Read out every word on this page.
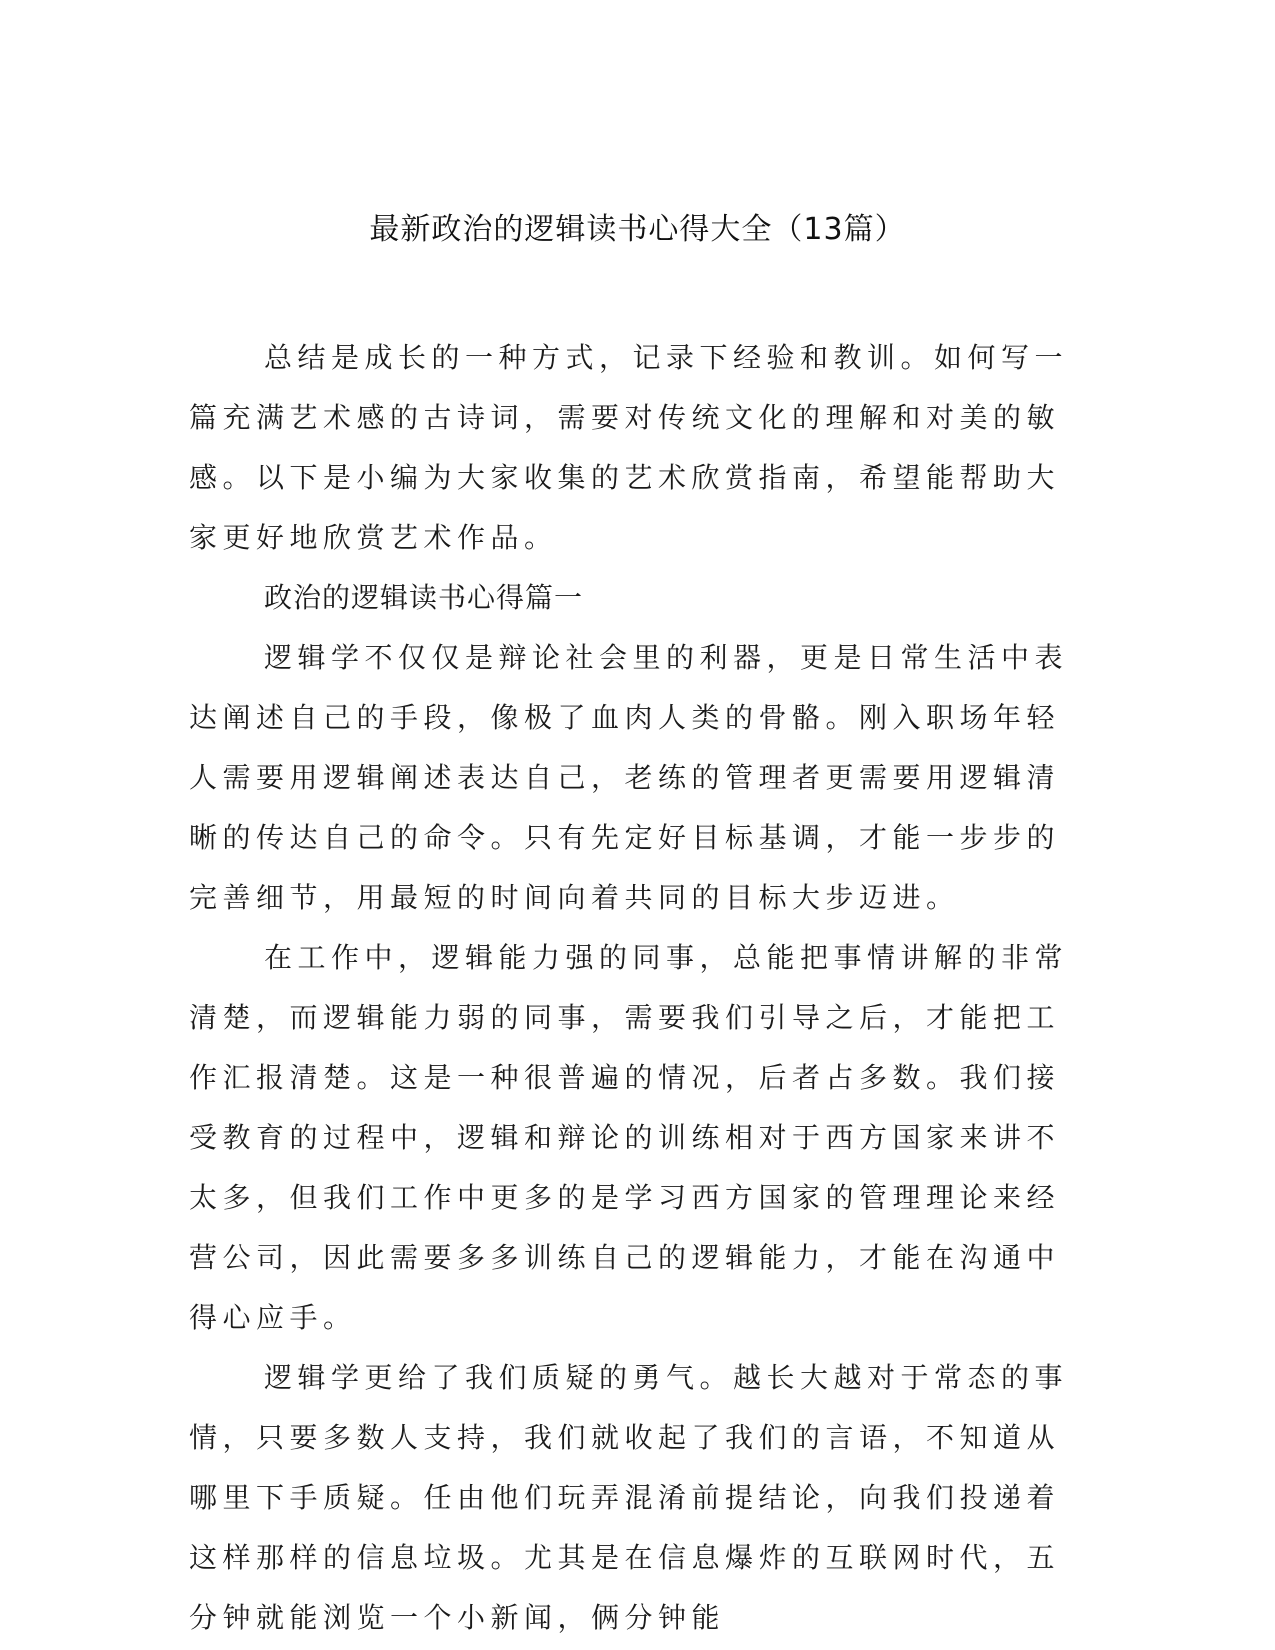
最新政治的逻辑读书心得大全（13篇）

总结是成长的一种方式，记录下经验和教训。如何写一篇充满艺术感的古诗词，需要对传统文化的理解和对美的敏感。以下是小编为大家收集的艺术欣赏指南，希望能帮助大家更好地欣赏艺术作品。

政治的逻辑读书心得篇一

逻辑学不仅仅是辩论社会里的利器，更是日常生活中表达阐述自己的手段，像极了血肉人类的骨骼。刚入职场年轻人需要用逻辑阐述表达自己，老练的管理者更需要用逻辑清晰的传达自己的命令。只有先定好目标基调，才能一步步的完善细节，用最短的时间向着共同的目标大步迈进。

在工作中，逻辑能力强的同事，总能把事情讲解的非常清楚，而逻辑能力弱的同事，需要我们引导之后，才能把工作汇报清楚。这是一种很普遍的情况，后者占多数。我们接受教育的过程中，逻辑和辩论的训练相对于西方国家来讲不太多，但我们工作中更多的是学习西方国家的管理理论来经营公司，因此需要多多训练自己的逻辑能力，才能在沟通中得心应手。

逻辑学更给了我们质疑的勇气。越长大越对于常态的事情，只要多数人支持，我们就收起了我们的言语，不知道从哪里下手质疑。任由他们玩弄混淆前提结论，向我们投递着这样那样的信息垃圾。尤其是在信息爆炸的互联网时代，五分钟就能浏览一个小新闻，俩分钟能
